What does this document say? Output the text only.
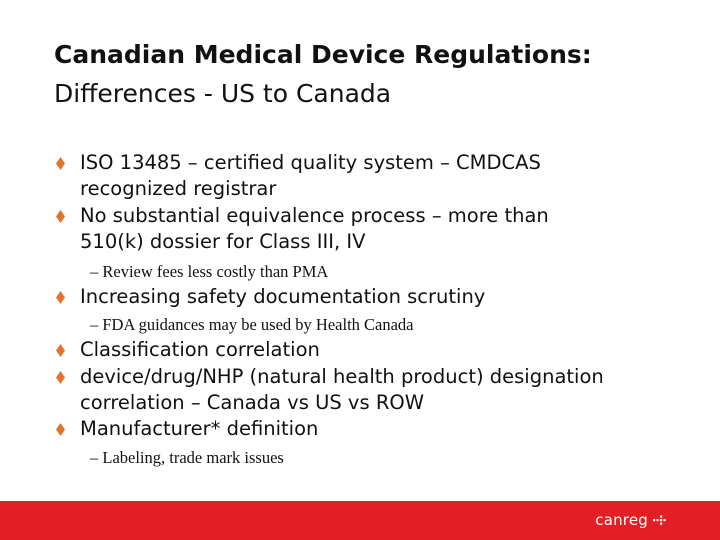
Canadian Medical Device Regulations:
Differences - US to Canada
ISO 13485 – certified quality system – CMDCAS
recognized registrar
No substantial equivalence process – more than
510(k) dossier for Class III, IV
– Review fees less costly than PMA
Increasing safety documentation scrutiny
– FDA guidances may be used by Health Canada
Classification correlation
device/drug/NHP (natural health product) designation
correlation – Canada vs US vs ROW
Manufacturer* definition
– Labeling, trade mark issues
canreg
